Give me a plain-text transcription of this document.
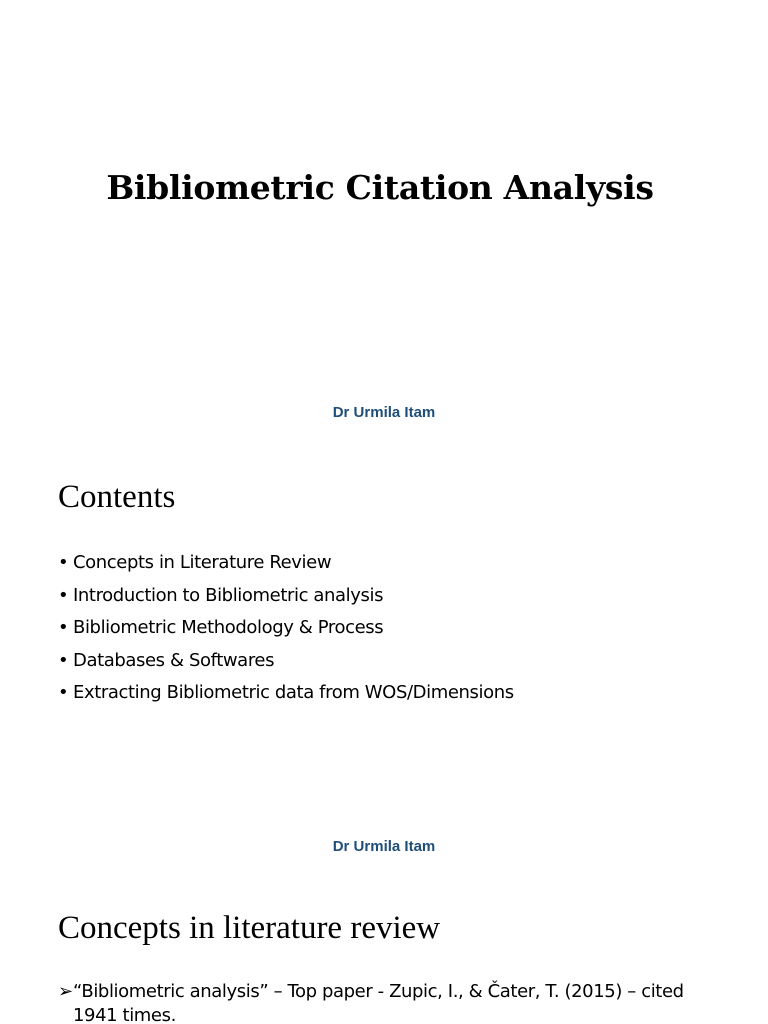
Bibliometric Citation Analysis

Dr Urmila Itam

Contents
• Concepts in Literature Review
• Introduction to Bibliometric analysis
• Bibliometric Methodology & Process
• Databases & Softwares
• Extracting Bibliometric data from WOS/Dimensions

Dr Urmila Itam

Concepts in literature review
➢ “Bibliometric analysis” – Top paper - Zupic, I., & Čater, T. (2015) – cited 1941 times.
